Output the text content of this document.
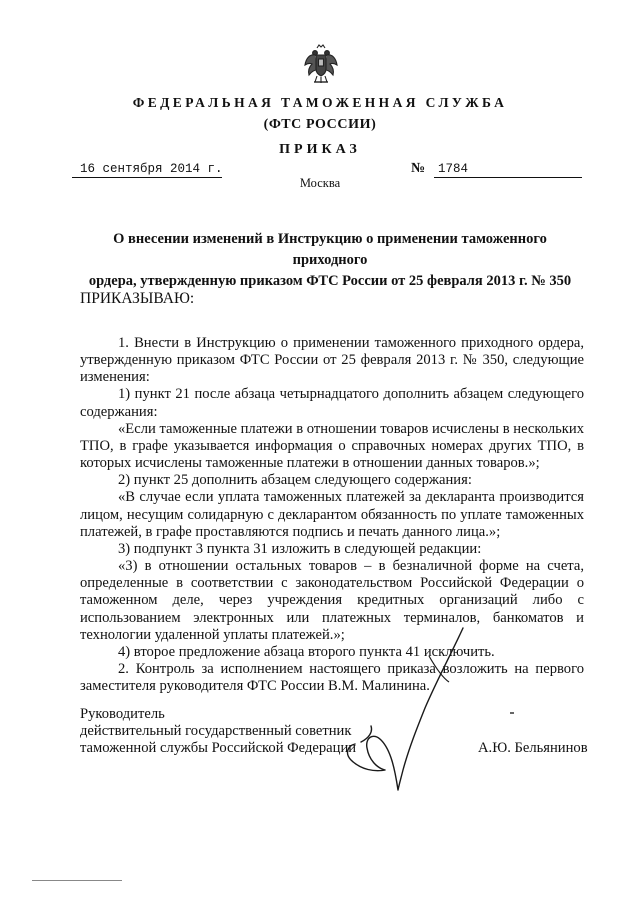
ФЕДЕРАЛЬНАЯ ТАМОЖЕННАЯ СЛУЖБА
(ФТС РОССИИ)
ПРИКАЗ
16 сентября 2014 г.	№ 1784
Москва
О внесении изменений в Инструкцию о применении таможенного приходного
ордера, утвержденную приказом ФТС России от 25 февраля 2013 г. № 350
ПРИКАЗЫВАЮ:

1. Внести в Инструкцию о применении таможенного приходного ордера, утвержденную приказом ФТС России от 25 февраля 2013 г. № 350, следующие изменения:

1) пункт 21 после абзаца четырнадцатого дополнить абзацем следующего содержания:

«Если таможенные платежи в отношении товаров исчислены в нескольких ТПО, в графе указывается информация о справочных номерах других ТПО, в которых исчислены таможенные платежи в отношении данных товаров.»;

2) пункт 25 дополнить абзацем следующего содержания:

«В случае если уплата таможенных платежей за декларанта производится лицом, несущим солидарную с декларантом обязанность по уплате таможенных платежей, в графе проставляются подпись и печать данного лица.»;

3) подпункт 3 пункта 31 изложить в следующей редакции:

«3) в отношении остальных товаров – в безналичной форме на счета, определенные в соответствии с законодательством Российской Федерации о таможенном деле, через учреждения кредитных организаций либо с использованием электронных или платежных терминалов, банкоматов и технологии удаленной уплаты платежей.»;

4) второе предложение абзаца второго пункта 41 исключить.

2. Контроль за исполнением настоящего приказа возложить на первого заместителя руководителя ФТС России В.М. Малинина.

Руководитель
действительный государственный советник
таможенной службы Российской Федерации	А.Ю. Бельянинов
